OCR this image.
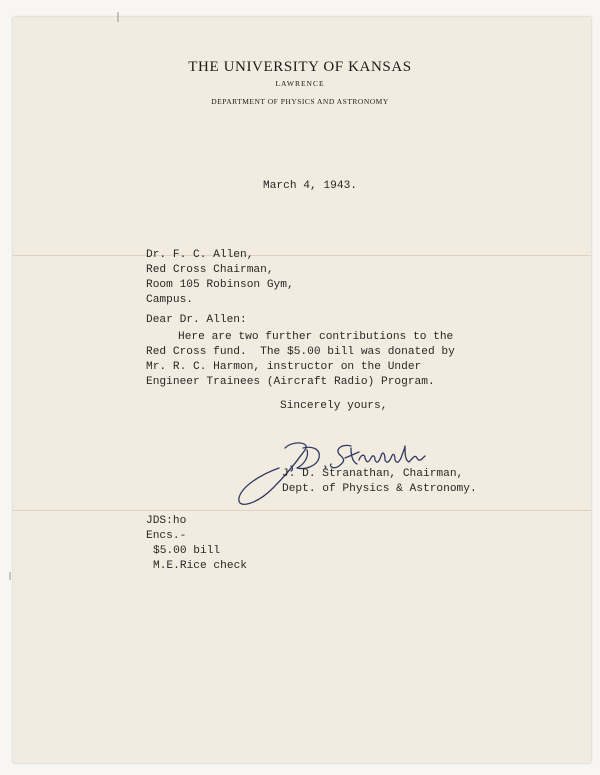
THE UNIVERSITY OF KANSAS
LAWRENCE
DEPARTMENT OF PHYSICS AND ASTRONOMY
March 4, 1943.
Dr. F. C. Allen,
Red Cross Chairman,
Room 105 Robinson Gym,
Campus.
Dear Dr. Allen:
Here are two further contributions to the
Red Cross fund.  The $5.00 bill was donated by
Mr. R. C. Harmon, instructor on the Under
Engineer Trainees (Aircraft Radio) Program.
Sincerely yours,
J. D. Stranathan, Chairman,
Dept. of Physics & Astronomy.
JDS:ho
Encs.-
$5.00 bill
M.E.Rice check
